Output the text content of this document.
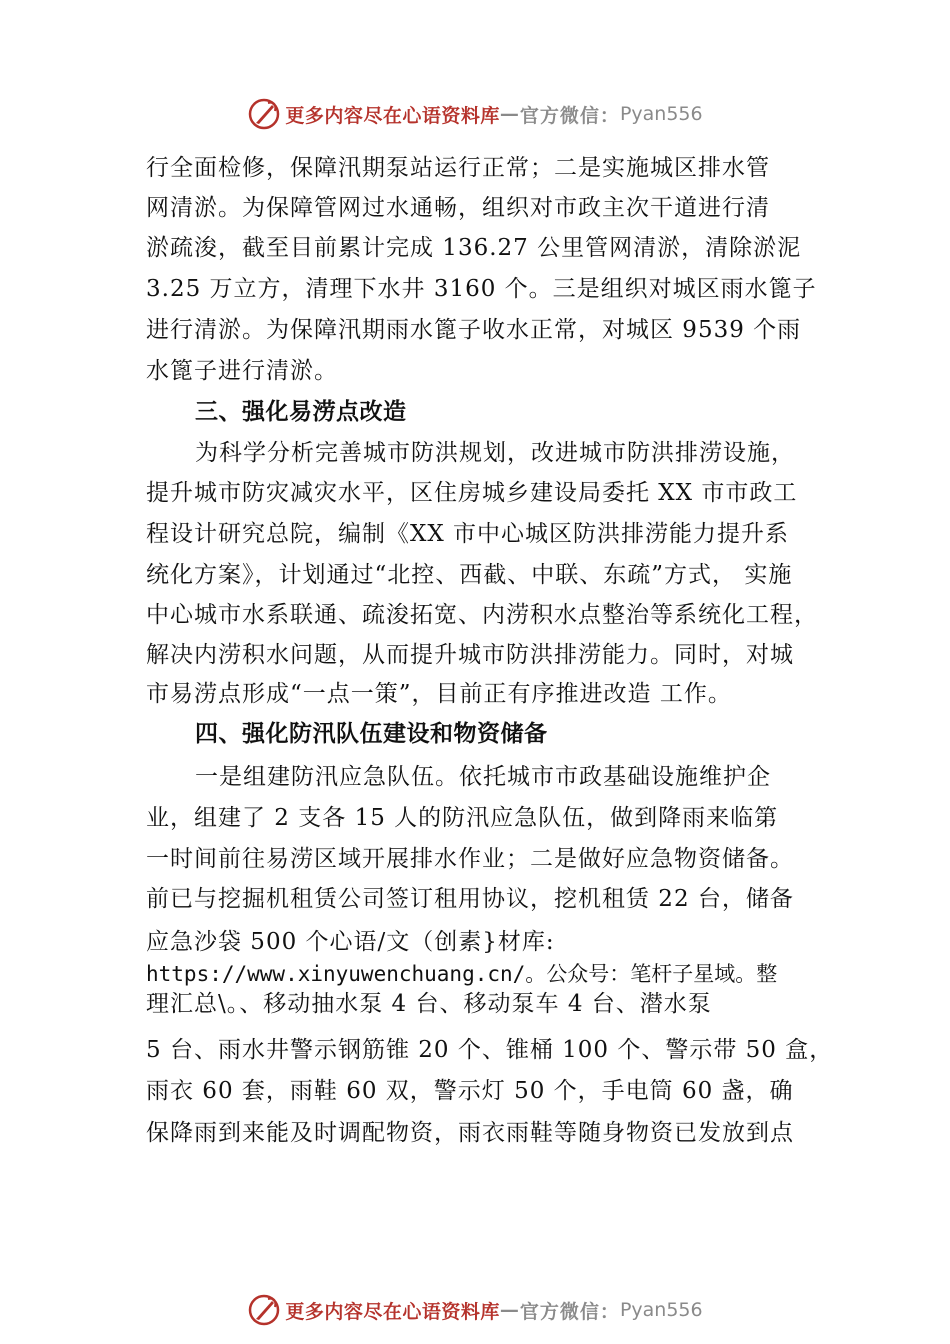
更多内容尽在心语资料库 — 官方微信： Pyan556
行全面检修，保障汛期泵站运行正常；二是实施城区排水管
网清淤。为保障管网过水通畅，组织对市政主次干道进行清
淤疏浚，截至目前累计完成 136.27 公里管网清淤，清除淤泥
3.25 万立方，清理下水井 3160 个。三是组织对城区雨水篦子
进行清淤。为保障汛期雨水篦子收水正常，对城区 9539 个雨
水篦子进行清淤。
三、强化易涝点改造
为科学分析完善城市防洪规划，改进城市防洪排涝设施，
提升城市防灾减灾水平，区住房城乡建设局委托 XX 市市政工
程设计研究总院，编制《XX 市中心城区防洪排涝能力提升系
统化方案》，计划通过“北控、西截、中联、东疏”方式， 实施
中心城市水系联通、疏浚拓宽、内涝积水点整治等系统化工程，
解决内涝积水问题，从而提升城市防洪排涝能力。同时，对城
市易涝点形成“一点一策”，目前正有序推进改造 工作。
四、强化防汛队伍建设和物资储备
一是组建防汛应急队伍。依托城市市政基础设施维护企
业，组建了 2 支各 15 人的防汛应急队伍，做到降雨来临第
一时间前往易涝区域开展排水作业；二是做好应急物资储备。
前已与挖掘机租赁公司签订租用协议，挖机租赁 22 台，储备
应急沙袋 500 个心语/文（创素}材库:
https://www.xinyuwenchuang.cn/。公众号：笔杆子星域。整
理汇总\。、移动抽水泵 4 台、移动泵车 4 台、潜水泵
5 台、雨水井警示钢筋锥 20 个、锥桶 100 个、警示带 50 盒，
雨衣 60 套，雨鞋 60 双，警示灯 50 个，手电筒 60 盏，确
保降雨到来能及时调配物资，雨衣雨鞋等随身物资已发放到点
更多内容尽在心语资料库 — 官方微信： Pyan556
